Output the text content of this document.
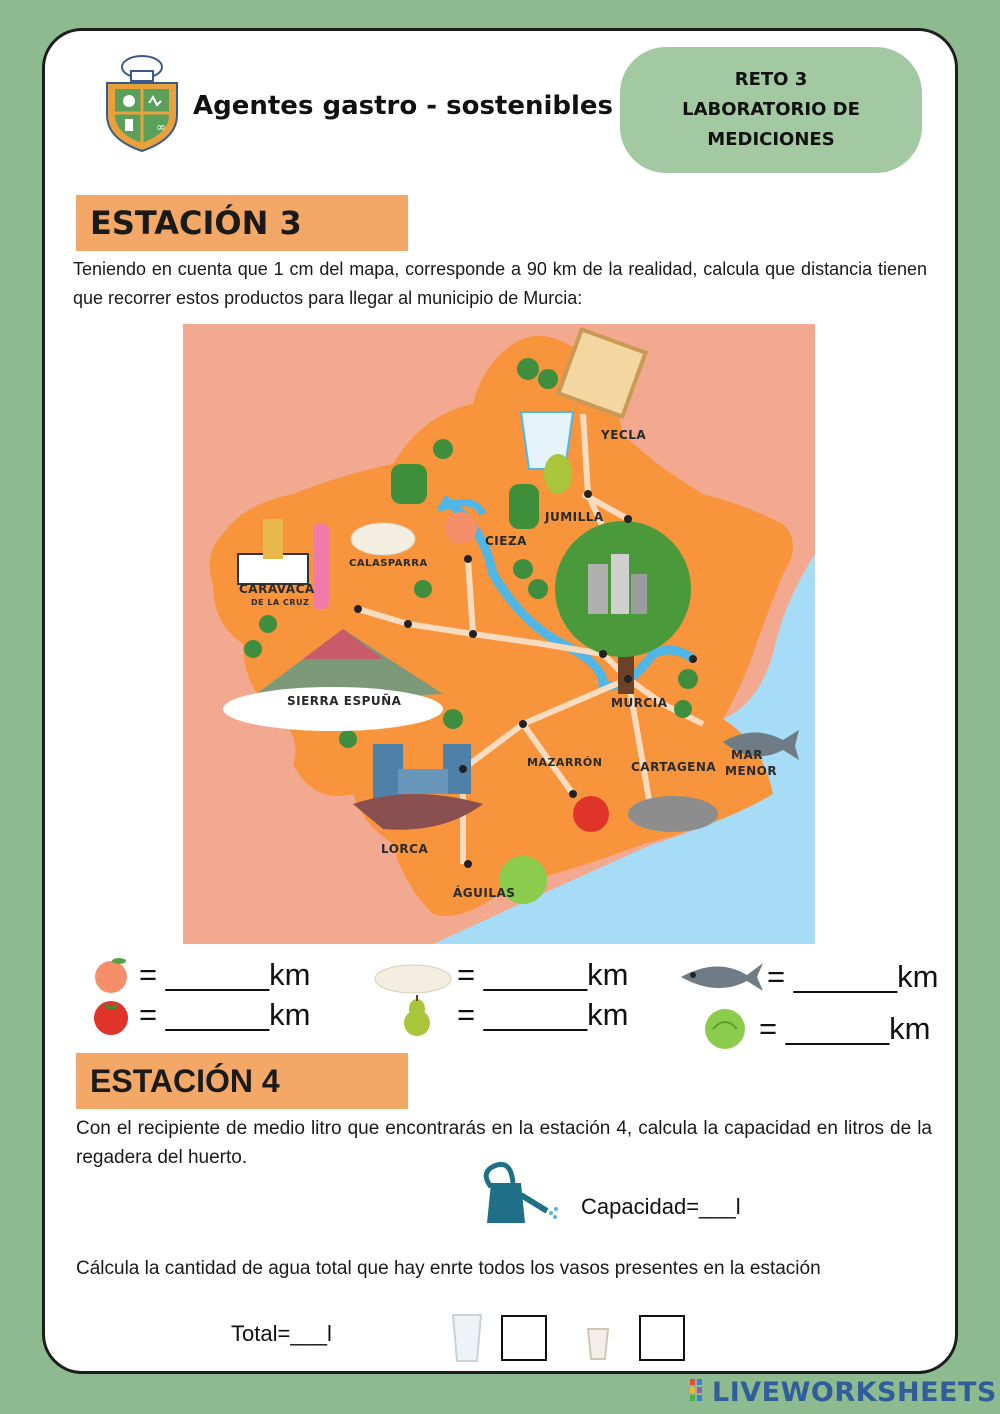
∞
Agentes gastro - sostenibles
RETO 3
LABORATORIO DE
MEDICIONES
ESTACIÓN 3
Teniendo en cuenta que 1 cm del mapa, corresponde a 90 km de la realidad, calcula que distancia tienen que recorrer estos productos para llegar al municipio de Murcia:
YECLA
JUMILLA
CIEZA
CALASPARRA
CARAVACA
DE LA CRUZ
SIERRA ESPUÑA	MURCIA
MAZARRÓN CARTAGENA
MAR
MENOR
LORCA
ÁGUILAS
= ______km	= ______km	= ______km
= ______km	= ______km	= ______km
ESTACIÓN 4
Con el recipiente de medio litro que encontrarás en la estación 4, calcula la capacidad en litros de la regadera del huerto.
Capacidad=___l
Cálcula la cantidad de agua total que hay enrte todos los vasos presentes en la estación
Total=___l
LIVEWORKSHEETS
